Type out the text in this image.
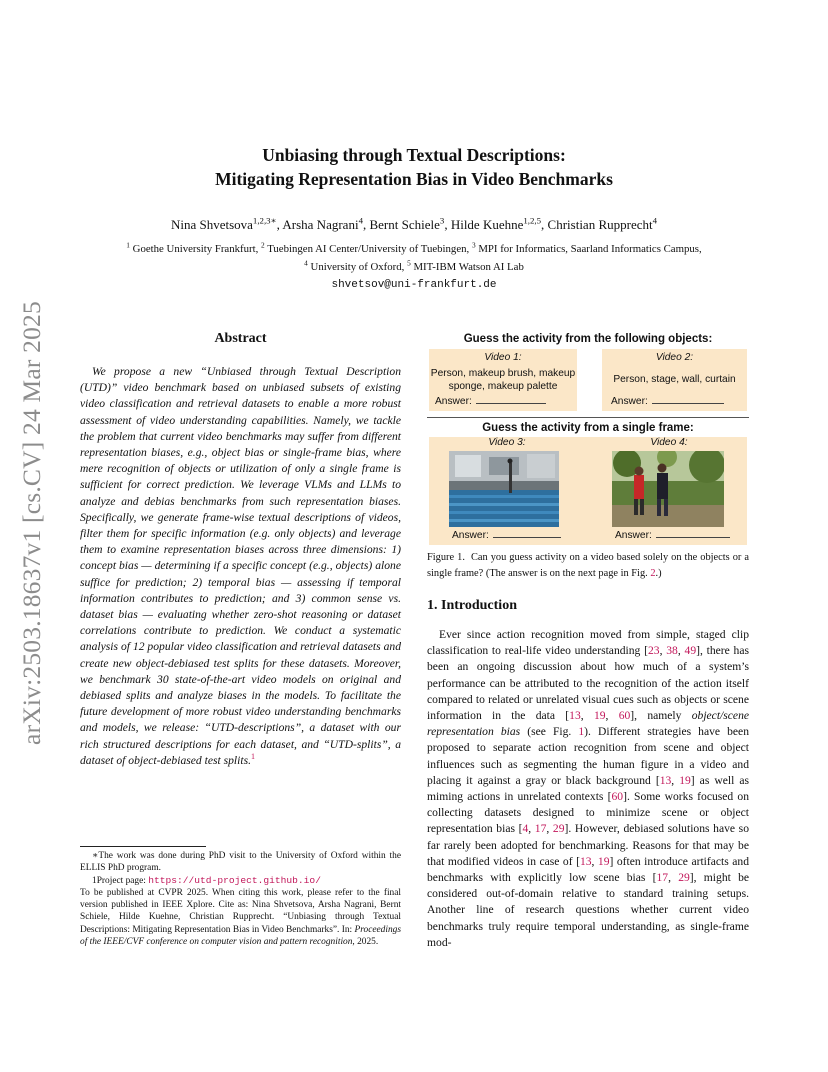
arXiv:2503.18637v1 [cs.CV] 24 Mar 2025
Unbiasing through Textual Descriptions:
Mitigating Representation Bias in Video Benchmarks
Nina Shvetsova$^{1,2,3∗}$, Arsha Nagrani$^4$, Bernt Schiele$^3$, Hilde Kuehne$^{1,2,5}$, Christian Rupprecht$^4$
$^1$ Goethe University Frankfurt, $^2$ Tuebingen AI Center/University of Tuebingen, $^3$ MPI for Informatics, Saarland Informatics Campus,
$^4$ University of Oxford, $^5$ MIT-IBM Watson AI Lab
shvetsov@uni-frankfurt.de
Abstract
We propose a new “Unbiased through Textual Description (UTD)” video benchmark based on unbiased subsets of existing video classification and retrieval datasets to enable a more robust assessment of video understanding capabilities. Namely, we tackle the problem that current video benchmarks may suffer from different representation biases, e.g., object bias or single-frame bias, where mere recognition of objects or utilization of only a single frame is sufficient for correct prediction. We leverage VLMs and LLMs to analyze and debias benchmarks from such representation biases. Specifically, we generate frame-wise textual descriptions of videos, filter them for specific information (e.g. only objects) and leverage them to examine representation biases across three dimensions: 1) concept bias — determining if a specific concept (e.g., objects) alone suffice for prediction; 2) temporal bias — assessing if temporal information contributes to prediction; and 3) common sense vs. dataset bias — evaluating whether zero-shot reasoning or dataset correlations contribute to prediction. We conduct a systematic analysis of 12 popular video classification and retrieval datasets and create new object-debiased test splits for these datasets. Moreover, we benchmark 30 state-of-the-art video models on original and debiased splits and analyze biases in the models. To facilitate the future development of more robust video understanding benchmarks and models, we release: “UTD-descriptions”, a dataset with our rich structured descriptions for each dataset, and “UTD-splits”, a dataset of object-debiased test splits.$^1$

∗The work was done during PhD visit to the University of Oxford within the ELLIS PhD program.

1Project page: https://utd-project.github.io/

To be published at CVPR 2025. When citing this work, please refer to the final version published in IEEE Xplore. Cite as: Nina Shvetsova, Arsha Nagrani, Bernt Schiele, Hilde Kuehne, Christian Rupprecht. “Unbiasing through Textual Descriptions: Mitigating Representation Bias in Video Benchmarks”. In: Proceedings of the IEEE/CVF conference on computer vision and pattern recognition, 2025.

Guess the activity from the following objects:
Video 1:
Person, makeup brush, makeup sponge, makeup palette
Answer:
Video 2:
Person, stage, wall, curtain
Answer:
Guess the activity from a single frame:
Video 3:	Video 4:
Answer:	Answer:
Figure 1. Can you guess activity on a video based solely on the objects or a single frame? (The answer is on the next page in Fig. 2.)
1. Introduction
Ever since action recognition moved from simple, staged clip classification to real-life video understanding [23, 38, 49], there has been an ongoing discussion about how much of a system’s performance can be attributed to the recognition of the action itself compared to related or unrelated visual cues such as objects or scene information in the data [13, 19, 60], namely object/scene representation bias (see Fig. 1). Different strategies have been proposed to separate action recognition from scene and object influences such as segmenting the human figure in a video and placing it against a gray or black background [13, 19] as well as miming actions in unrelated contexts [60]. Some works focused on collecting datasets designed to minimize scene or object representation bias [4, 17, 29]. However, debiased solutions have so far rarely been adopted for benchmarking. Reasons for that may be that modified videos in case of [13, 19] often introduce artifacts and benchmarks with explicitly low scene bias [17, 29], might be considered out-of-domain relative to standard training setups. Another line of research questions whether current video benchmarks truly require temporal understanding, as single-frame mod-
